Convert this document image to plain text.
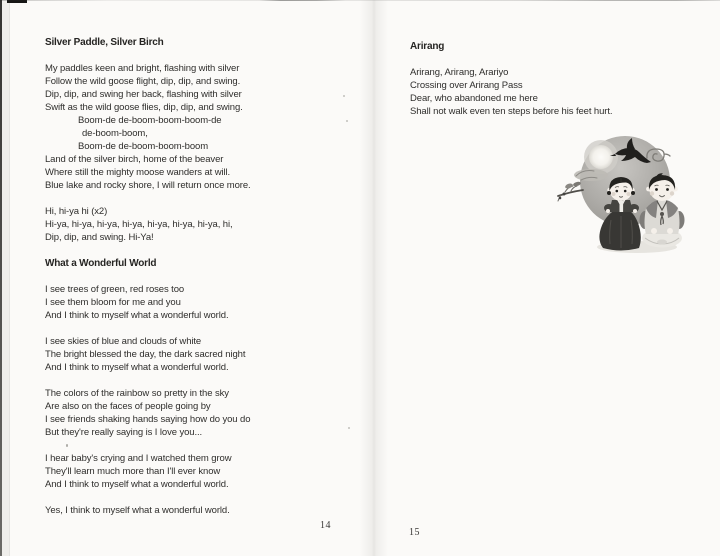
Silver Paddle, Silver Birch
My paddles keen and bright, flashing with silver
Follow the wild goose flight, dip, dip, and swing.
Dip, dip, and swing her back, flashing with silver
Swift as the wild goose flies, dip, dip, and swing.
Boom-de de-boom-boom-boom-de
de-boom-boom,
Boom-de de-boom-boom-boom
Land of the silver birch, home of the beaver
Where still the mighty moose wanders at will.
Blue lake and rocky shore, I will return once more.
Hi, hi-ya hi (x2)
Hi-ya, hi-ya, hi-ya, hi-ya, hi-ya, hi-ya, hi-ya, hi,
Dip, dip, and swing. Hi-Ya!
What a Wonderful World
I see trees of green, red roses too
I see them bloom for me and you
And I think to myself what a wonderful world.
I see skies of blue and clouds of white
The bright blessed the day, the dark sacred night
And I think to myself what a wonderful world.
The colors of the rainbow so pretty in the sky
Are also on the faces of people going by
I see friends shaking hands saying how do you do
But they're really saying is I love you...
I hear baby's crying and I watched them grow
They'll learn much more than I'll ever know
And I think to myself what a wonderful world.
Yes, I think to myself what a wonderful world.
Arirang
Arirang, Arirang, Arariyo
Crossing over Arirang Pass
Dear, who abandoned me here
Shall not walk even ten steps before his feet hurt.
14
15
